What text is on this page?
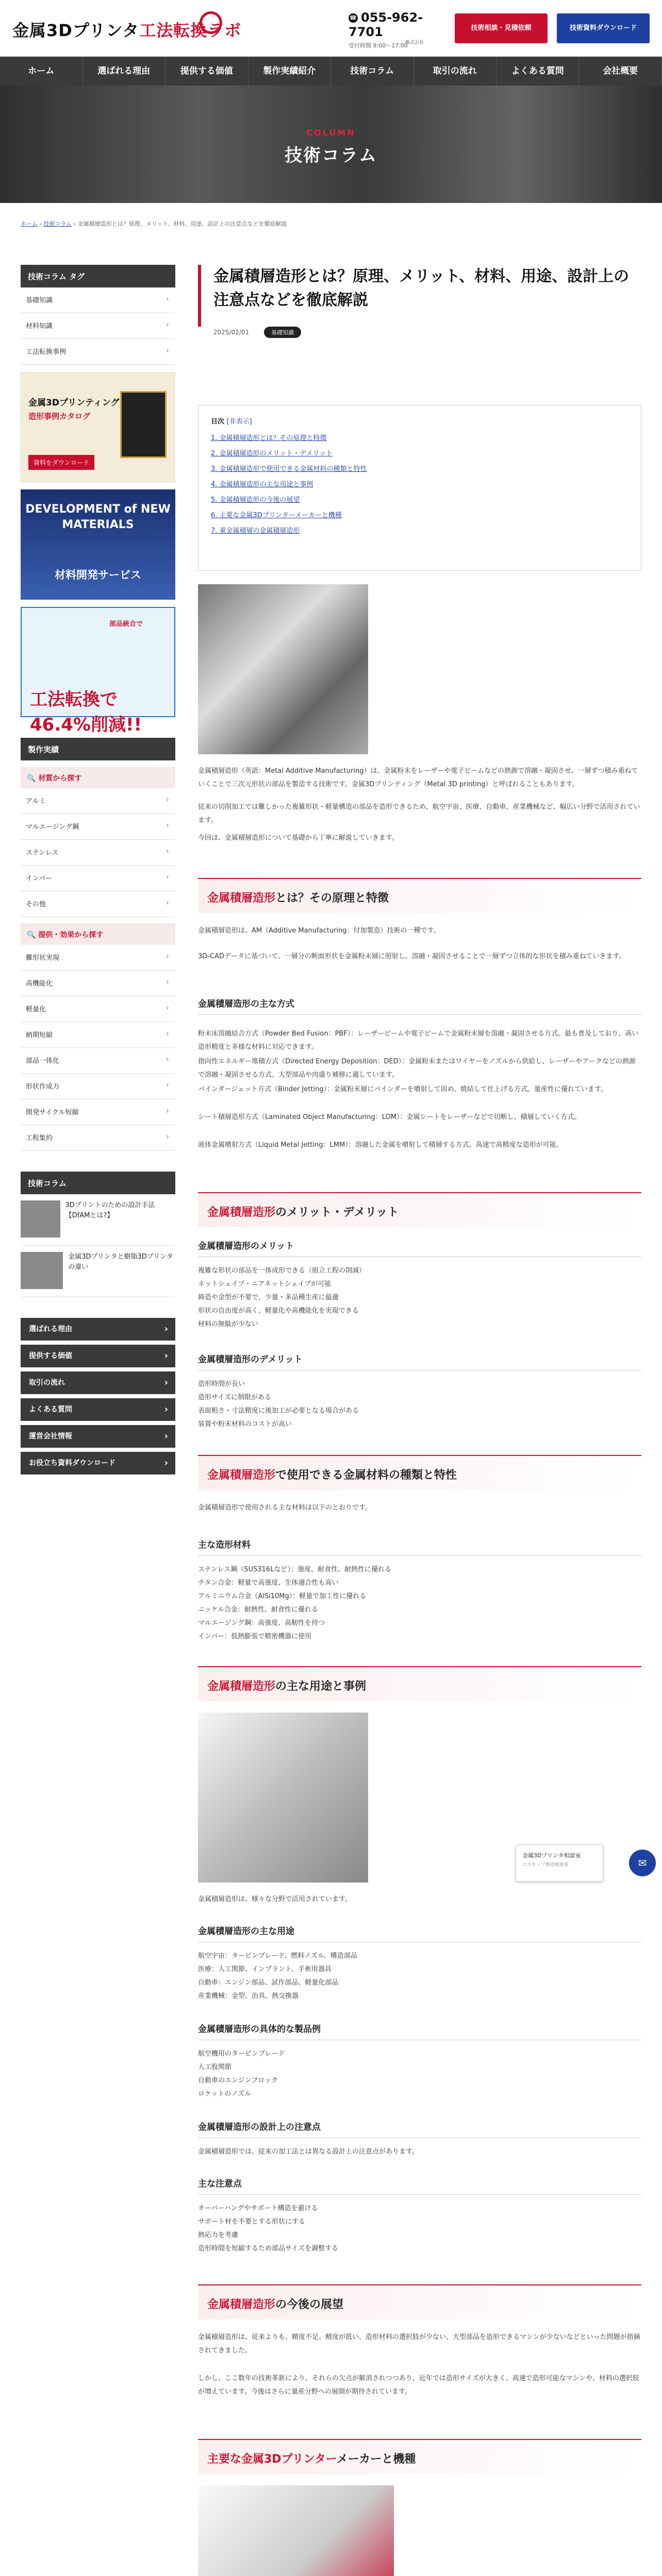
金属3Dプリンタ工法転換ラボ
株式会社
☎ 055-962-7701
受付時間 9:00〜17:00
技術相談・見積依頼	技術資料ダウンロード
ホーム	選ばれる理由	提供する価値	製作実績紹介	技術コラム	取引の流れ	よくある質問	会社概要
COLUMN
技術コラム
ホーム › 技術コラム › 金属積層造形とは？原理、メリット、材料、用途、設計上の注意点などを徹底解説
技術コラム タグ
基礎知識 ›
材料知識 ›
工法転換事例 ›
金属3Dプリンティング
造形事例カタログ
資料をダウンロード
DEVELOPMENT of NEW MATERIALS
材料開発サービス
部品統合で
工法転換で46.4%削減!!
製作実績
🔍 材質から探す
アルミ ›
マルエージング鋼 ›
ステンレス ›
インバー ›
その他 ›
🔍 提供・効果から探す
難形状実現 ›
高機能化 ›
軽量化 ›
納期短縮 ›
部品一体化 ›
形状作成力 ›
開発サイクル短縮 ›
工程集約 ›
技術コラム
3Dプリントのための設計手法【DfAMとは?】
金属3Dプリンタと樹脂3Dプリンタの違い
選ばれる理由 ›
提供する価値 ›
取引の流れ ›
よくある質問 ›
運営会社情報 ›
お役立ち資料ダウンロード ›
金属積層造形とは？原理、メリット、材料、用途、設計上の注意点などを徹底解説
2025/02/01	基礎知識
目次 [非表示]
1. 金属積層造形とは？その原理と特徴
2. 金属積層造形のメリット・デメリット
3. 金属積層造形で使用できる金属材料の種類と特性
4. 金属積層造形の主な用途と事例
5. 金属積層造形の今後の展望
6. 主要な金属3Dプリンターメーカーと機種
7. 東金属積層の金属積層造形
金属積層造形（英語：Metal Additive Manufacturing）は、金属粉末をレーザーや電子ビームなどの熱源で溶融・凝固させ、一層ずつ積み重ねていくことで三次元形状の部品を製造する技術です。金属3Dプリンティング（Metal 3D printing）と呼ばれることもあります。
従来の切削加工では難しかった複雑形状・軽量構造の部品を造形できるため、航空宇宙、医療、自動車、産業機械など、幅広い分野で活用されています。
今回は、金属積層造形について基礎から丁寧に解説していきます。
金属積層造形とは？その原理と特徴
金属積層造形は、AM（Additive Manufacturing：付加製造）技術の一種です。
3D-CADデータに基づいて、一層分の断面形状を金属粉末層に照射し、溶融・凝固させることで一層ずつ立体的な形状を積み重ねていきます。
金属積層造形の主な方式
粉末床溶融結合方式（Powder Bed Fusion：PBF）：レーザービームや電子ビームで金属粉末層を溶融・凝固させる方式。最も普及しており、高い造形精度と多様な材料に対応できます。
指向性エネルギー堆積方式（Directed Energy Deposition：DED）：金属粉末またはワイヤーをノズルから供給し、レーザーやアークなどの熱源で溶融・凝固させる方式。大型部品や肉盛り補修に適しています。
バインダージェット方式（Binder Jetting）：金属粉末層にバインダーを噴射して固め、焼結して仕上げる方式。量産性に優れています。
シート積層造形方式（Laminated Object Manufacturing：LOM）：金属シートをレーザーなどで切断し、積層していく方式。
液体金属噴射方式（Liquid Metal Jetting：LMM）：溶融した金属を噴射して積層する方式。高速で高精度な造形が可能。
金属積層造形のメリット・デメリット
金属積層造形のメリット
複雑な形状の部品を一体成形できる（組立工程の削減）
ネットシェイプ・ニアネットシェイプが可能
鋳造や金型が不要で、少量・多品種生産に最適
形状の自由度が高く、軽量化や高機能化を実現できる
材料の無駄が少ない
金属積層造形のデメリット
造形時間が長い
造形サイズに制限がある
表面粗さ・寸法精度に後加工が必要となる場合がある
装置や粉末材料のコストが高い
金属積層造形で使用できる金属材料の種類と特性
金属積層造形で使用される主な材料は以下のとおりです。
主な造形材料
ステンレス鋼（SUS316Lなど）：強度、耐食性、耐熱性に優れる
チタン合金：軽量で高強度、生体適合性も高い
アルミニウム合金（AlSi10Mg）：軽量で加工性に優れる
ニッケル合金：耐熱性、耐食性に優れる
マルエージング鋼：高強度、高靭性を持つ
インバー：低熱膨張で精密機器に使用
金属積層造形の主な用途と事例
金属積層造形は、様々な分野で活用されています。
金属積層造形の主な用途
航空宇宙：タービンブレード、燃料ノズル、構造部品
医療：人工関節、インプラント、手術用器具
自動車：エンジン部品、試作部品、軽量化部品
産業機械：金型、治具、熱交換器
金属積層造形の具体的な製品例
航空機用のタービンブレード
人工股関節
自動車のエンジンブロック
ロケットのノズル
金属積層造形の設計上の注意点
金属積層造形では、従来の加工法とは異なる設計上の注意点があります。
主な注意点
オーバーハングやサポート構造を避ける
サポート材を不要とする形状にする
熱応力を考慮
造形時間を短縮するため部品サイズを調整する
金属積層造形の今後の展望
金属積層造形は、従来よりも、精度不足、精度が低い、造形材料の選択肢が少ない、大型部品を造形できるマシンが少ないなどといった問題が指摘されてきました。
しかし、ここ数年の技術革新により、それらの欠点が解消されつつあり、近年では造形サイズが大きく、高速で造形可能なマシンや、材料の選択肢が増えています。今後はさらに量産分野への展開が期待されています。
主要な金属3Dプリンターメーカーと機種
金属3Dプリンタ相談室
エスキップ製造相談室	✉
